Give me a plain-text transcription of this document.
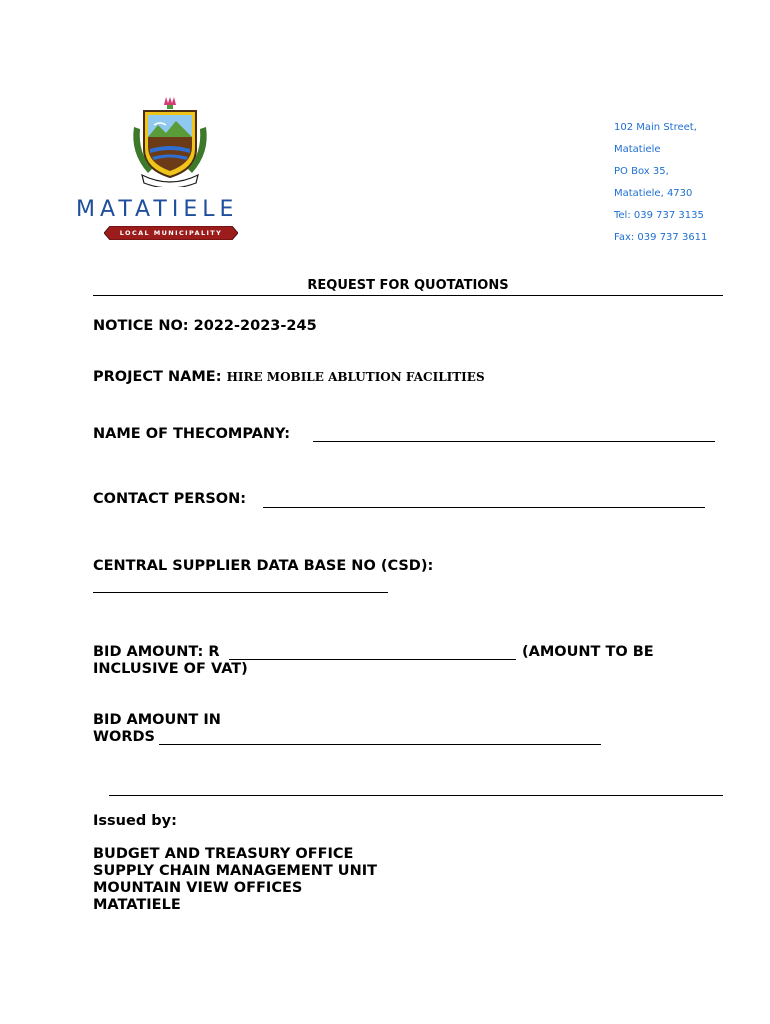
MATATIELE
LOCAL MUNICIPALITY
102 Main Street,
Matatiele
PO Box 35,
Matatiele, 4730
Tel: 039 737 3135
Fax: 039 737 3611
REQUEST FOR QUOTATIONS
NOTICE NO: 2022-2023-245
PROJECT NAME: HIRE MOBILE ABLUTION FACILITIES
NAME OF THECOMPANY:
CONTACT PERSON:
CENTRAL SUPPLIER DATA BASE NO (CSD):
BID AMOUNT: R	(AMOUNT TO BE
INCLUSIVE OF VAT)
BID AMOUNT IN
WORDS
Issued by:
BUDGET AND TREASURY OFFICE
SUPPLY CHAIN MANAGEMENT UNIT
MOUNTAIN VIEW OFFICES
MATATIELE
